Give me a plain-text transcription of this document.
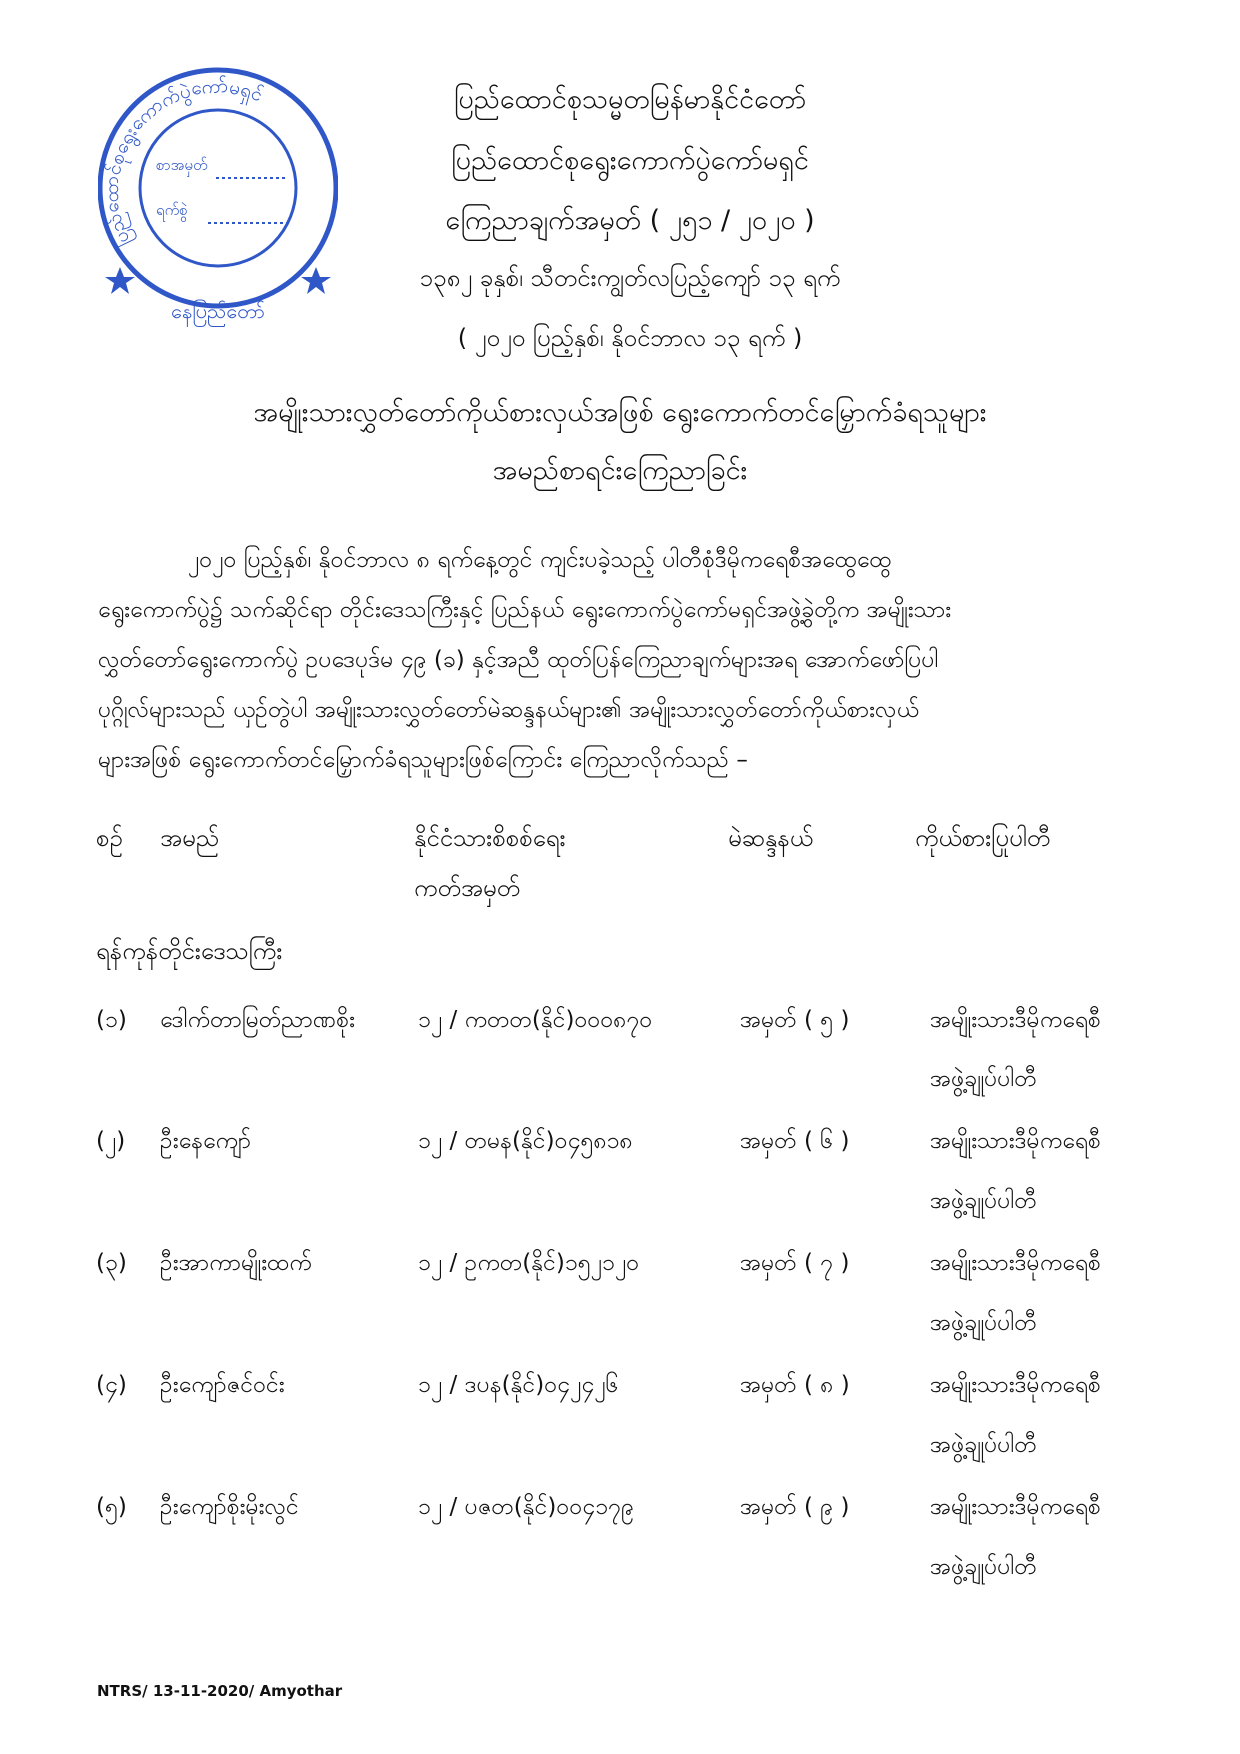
ပြည်ထောင်စုရွေးကောက်ပွဲကော်မရှင်
စာအမှတ်
ရက်စွဲ
နေပြည်တော်
ပြည်ထောင်စုသမ္မတမြန်မာနိုင်ငံတော်
ပြည်ထောင်စုရွေးကောက်ပွဲကော်မရှင်
ကြေညာချက်အမှတ် ( ၂၅၁ / ၂၀၂၀ )
၁၃၈၂ ခုနှစ်၊ သီတင်းကျွတ်လပြည့်ကျော် ၁၃ ရက်
( ၂၀၂၀ ပြည့်နှစ်၊ နိုဝင်ဘာလ ၁၃ ရက် )
အမျိုးသားလွှတ်တော်ကိုယ်စားလှယ်အဖြစ် ရွေးကောက်တင်မြှောက်ခံရသူများ
အမည်စာရင်းကြေညာခြင်း
၂၀၂၀ ပြည့်နှစ်၊ နိုဝင်ဘာလ ၈ ရက်နေ့တွင် ကျင်းပခဲ့သည့် ပါတီစုံဒီမိုကရေစီအထွေထွေ
ရွေးကောက်ပွဲ၌ သက်ဆိုင်ရာ တိုင်းဒေသကြီးနှင့် ပြည်နယ် ရွေးကောက်ပွဲကော်မရှင်အဖွဲ့ခွဲတို့က အမျိုးသား
လွှတ်တော်ရွေးကောက်ပွဲ ဥပဒေပုဒ်မ ၄၉ (ခ) နှင့်အညီ ထုတ်ပြန်ကြေညာချက်များအရ အောက်ဖော်ပြပါ
ပုဂ္ဂိုလ်များသည် ယှဉ်တွဲပါ အမျိုးသားလွှတ်တော်မဲဆန္ဒနယ်များ၏ အမျိုးသားလွှတ်တော်ကိုယ်စားလှယ်
များအဖြစ် ရွေးကောက်တင်မြှောက်ခံရသူများဖြစ်ကြောင်း ကြေညာလိုက်သည် –
စဉ် အမည်	နိုင်ငံသားစိစစ်ရေး
ကတ်အမှတ်
မဲဆန္ဒနယ်	ကိုယ်စားပြုပါတီ
ရန်ကုန်တိုင်းဒေသကြီး
(၁) ဒေါက်တာမြတ်ညာဏစိုး	၁၂ / ကတတ(နိုင်)၀၀၀၈၇၀	အမှတ် ( ၅ )	အမျိုးသားဒီမိုကရေစီ
အဖွဲ့ချုပ်ပါတီ
(၂) ဦးနေကျော်	၁၂ / တမန(နိုင်)၀၄၅၈၁၈	အမှတ် ( ၆ )	အမျိုးသားဒီမိုကရေစီ
အဖွဲ့ချုပ်ပါတီ
(၃) ဦးအာကာမျိုးထက်	၁၂ / ဥကတ(နိုင်)၁၅၂၁၂၀	အမှတ် ( ၇ )	အမျိုးသားဒီမိုကရေစီ
အဖွဲ့ချုပ်ပါတီ
(၄) ဦးကျော်ဇင်ဝင်း	၁၂ / ဒပန(နိုင်)၀၄၂၄၂၆	အမှတ် ( ၈ )	အမျိုးသားဒီမိုကရေစီ
အဖွဲ့ချုပ်ပါတီ
(၅) ဦးကျော်စိုးမိုးလွင်	၁၂ / ပဇတ(နိုင်)၀၀၄၁၇၉	အမှတ် ( ၉ )	အမျိုးသားဒီမိုကရေစီ
အဖွဲ့ချုပ်ပါတီ
NTRS/ 13-11-2020/ Amyothar
